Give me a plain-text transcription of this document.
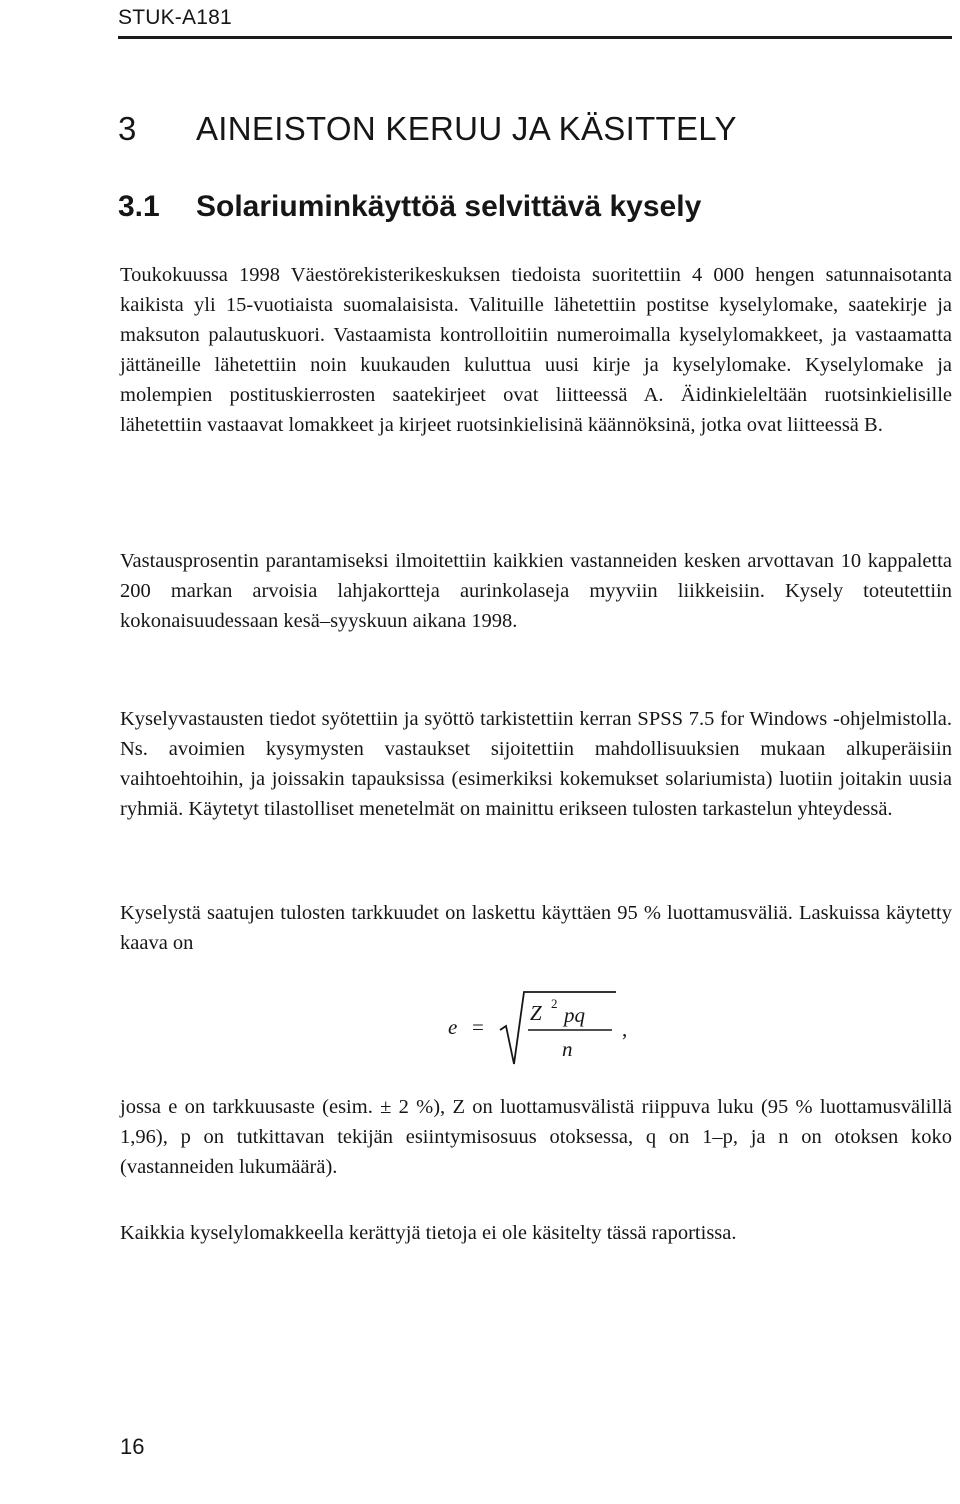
STUK-A181
3 AINEISTON KERUU JA KÄSITTELY
3.1 Solariuminkäyttöä selvittävä kysely

Toukokuussa 1998 Väestörekisterikeskuksen tiedoista suoritettiin 4 000 hengen satunnaisotanta kaikista yli 15-vuotiaista suomalaisista. Valituille lähetettiin postitse kyselylomake, saatekirje ja maksuton palautuskuori. Vastaamista kontrolloitiin numeroimalla kyselylomakkeet, ja vastaamatta jättäneille lähetettiin noin kuukauden kuluttua uusi kirje ja kyselylomake. Kyselylomake ja molempien postituskierrosten saatekirjeet ovat liitteessä A. Äidinkieleltään ruotsinkielisille lähetettiin vastaavat lomakkeet ja kirjeet ruotsinkielisinä käännöksinä, jotka ovat liitteessä B.

Vastausprosentin parantamiseksi ilmoitettiin kaikkien vastanneiden kesken arvottavan 10 kappaletta 200 markan arvoisia lahjakortteja aurinkolaseja myyviin liikkeisiin. Kysely toteutettiin kokonaisuudessaan kesä–syyskuun aikana 1998.

Kyselyvastausten tiedot syötettiin ja syöttö tarkistettiin kerran SPSS 7.5 for Windows -ohjelmistolla. Ns. avoimien kysymysten vastaukset sijoitettiin mahdollisuuksien mukaan alkuperäisiin vaihtoehtoihin, ja joissakin tapauksissa (esimerkiksi kokemukset solariumista) luotiin joitakin uusia ryhmiä. Käytetyt tilastolliset menetelmät on mainittu erikseen tulosten tarkastelun yhteydessä.

Kyselystä saatujen tulosten tarkkuudet on laskettu käyttäen 95 % luottamusväliä. Laskuissa käytetty kaava on

e =
Z 2 pq
n
,

jossa e on tarkkuusaste (esim. ± 2 %), Z on luottamusvälistä riippuva luku (95 % luottamusvälillä 1,96), p on tutkittavan tekijän esiintymisosuus otoksessa, q on 1–p, ja n on otoksen koko (vastanneiden lukumäärä).

Kaikkia kyselylomakkeella kerättyjä tietoja ei ole käsitelty tässä raportissa.

16
